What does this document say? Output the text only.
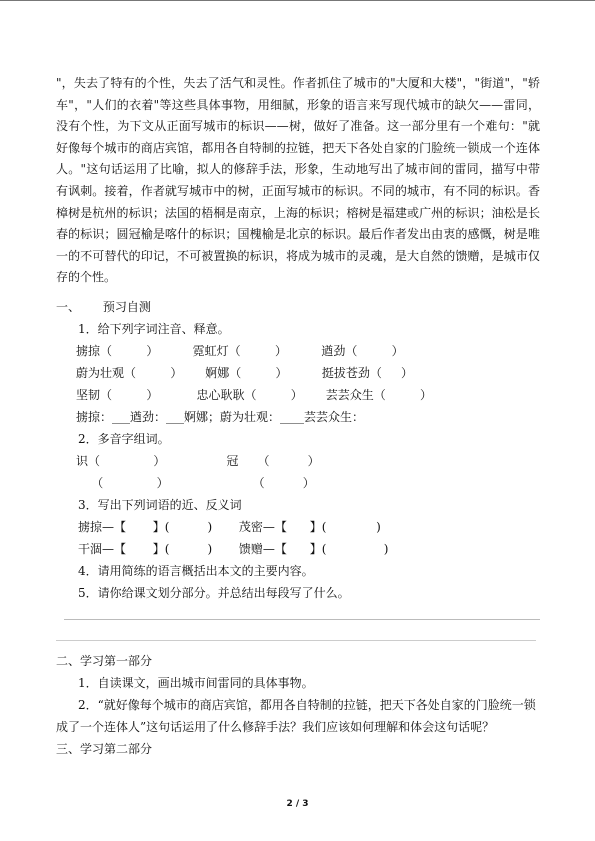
"，失去了特有的个性，失去了活气和灵性。作者抓住了城市的"大厦和大楼"，"街道"，"轿车"，"人们的衣着"等这些具体事物，用细腻，形象的语言来写现代城市的缺欠——雷同，没有个性，为下文从正面写城市的标识——树，做好了准备。这一部分里有一个难句："就好像每个城市的商店宾馆，都用各自特制的拉链，把天下各处自家的门脸统一锁成一个连体人。"这句话运用了比喻，拟人的修辞手法，形象，生动地写出了城市间的雷同，描写中带有讽刺。接着，作者就写城市中的树，正面写城市的标识。不同的城市，有不同的标识。香樟树是杭州的标识；法国的梧桐是南京，上海的标识；榕树是福建或广州的标识；油松是长春的标识；圆冠榆是喀什的标识；国槐榆是北京的标识。最后作者发出由衷的感慨，树是唯一的不可替代的印记，不可被置换的标识，将成为城市的灵魂，是大自然的馈赠，是城市仅存的个性。

一、      预习自测
1．给下列字词注音、释意。
掳掠（         ）         霓虹灯（         ）         遒劲（         ）
蔚为壮观（         ）      婀娜（         ）         挺拔苍劲（     ）
坚韧（         ）          忠心耿耿（         ）      芸芸众生（         ）
掳掠：___遒劲：___婀娜；蔚为壮观：____芸芸众生：
2．多音字组词。
识（              ）                冠     （          ）
（              ）                      （          ）
3．写出下列词语的近、反义词
掳掠—【       】(          )       茂密—【      】(             )
干涸—【       】(          )       馈赠—【      】(               )
4．请用简练的语言概括出本文的主要内容。
5．请你给课文划分部分。并总结出每段写了什么。
二、学习第一部分
1．自读课文，画出城市间雷同的具体事物。
2．“就好像每个城市的商店宾馆，都用各自特制的拉链，把天下各处自家的门脸统一锁
成了一个连体人”这句话运用了什么修辞手法？我们应该如何理解和体会这句话呢？
三、学习第二部分
2 / 3
